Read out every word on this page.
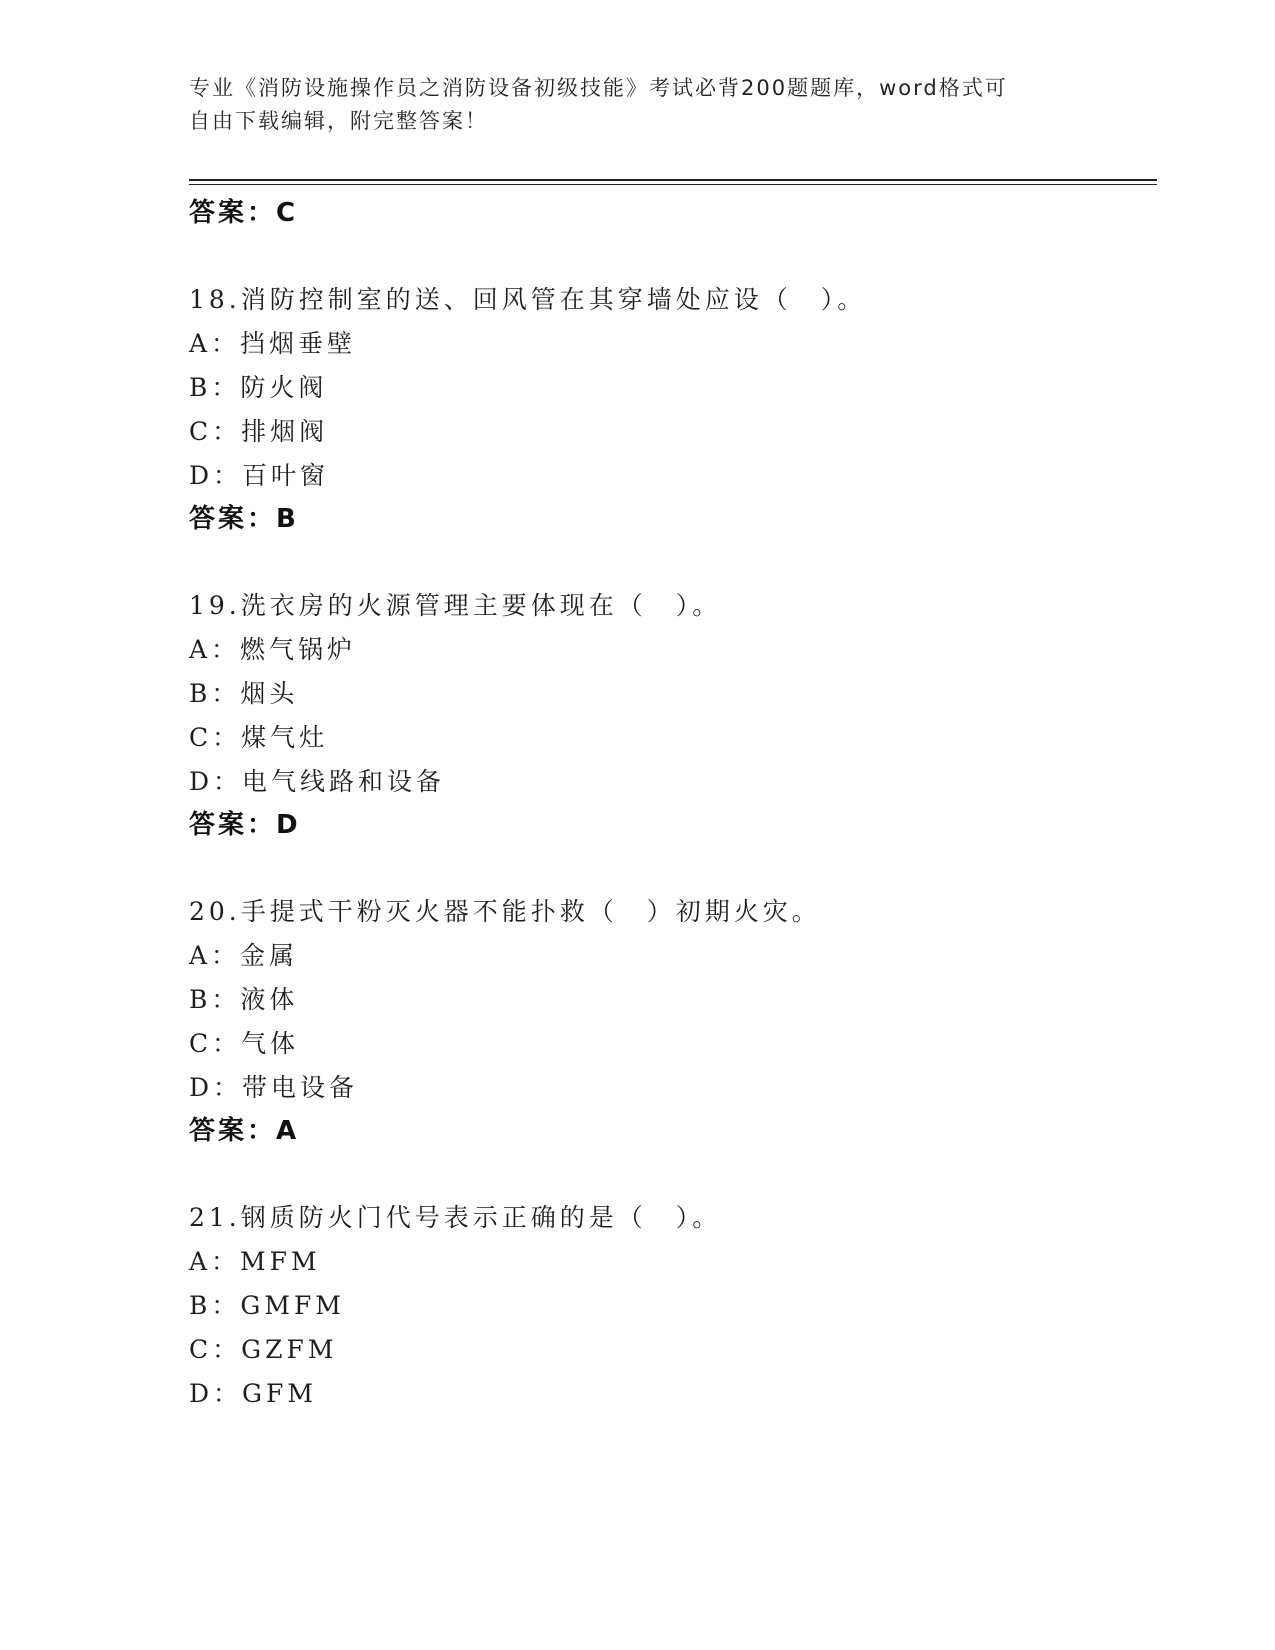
专业《消防设施操作员之消防设备初级技能》考试必背200题题库，word格式可
自由下载编辑，附完整答案！
答案：C
18.消防控制室的送、回风管在其穿墙处应设（　）。
A：挡烟垂壁
B：防火阀
C：排烟阀
D：百叶窗
答案：B
19.洗衣房的火源管理主要体现在（　）。
A：燃气锅炉
B：烟头
C：煤气灶
D：电气线路和设备
答案：D
20.手提式干粉灭火器不能扑救（　）初期火灾。
A：金属
B：液体
C：气体
D：带电设备
答案：A
21.钢质防火门代号表示正确的是（　）。
A：MFM
B：GMFM
C：GZFM
D：GFM
